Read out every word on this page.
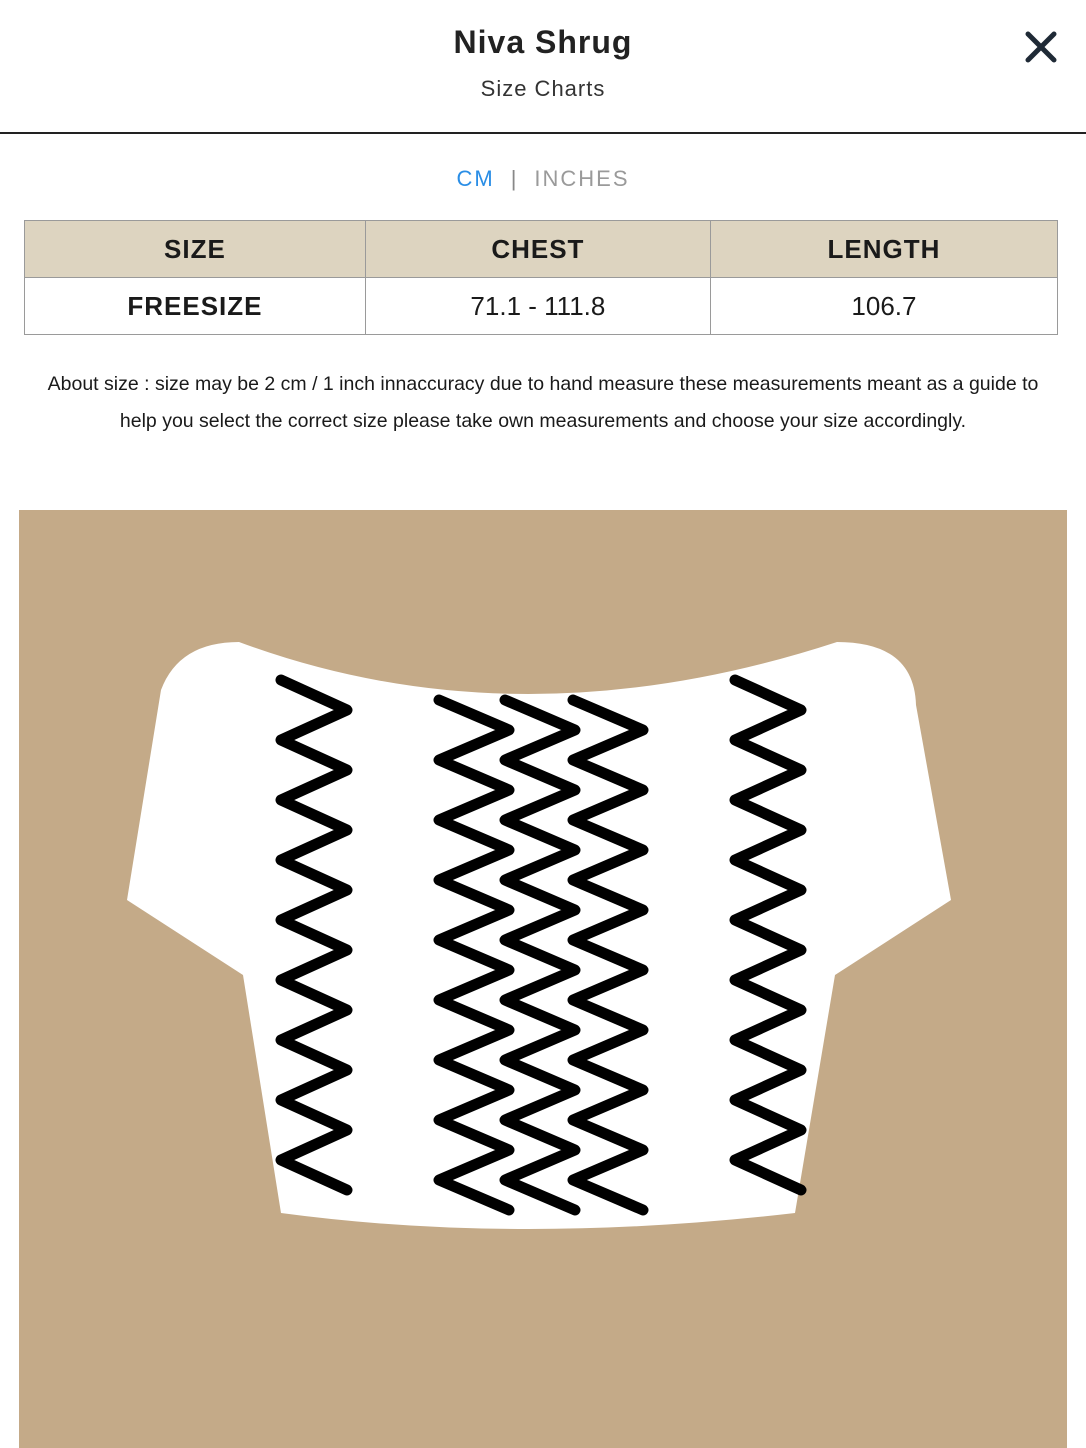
Niva Shrug
Size Charts
CM | INCHES
SIZE	CHEST	LENGTH
FREESIZE	71.1 - 111.8	106.7
About size : size may be 2 cm / 1 inch innaccuracy due to hand measure these measurements meant as a guide to help you select the correct size please take own measurements and choose your size accordingly.
